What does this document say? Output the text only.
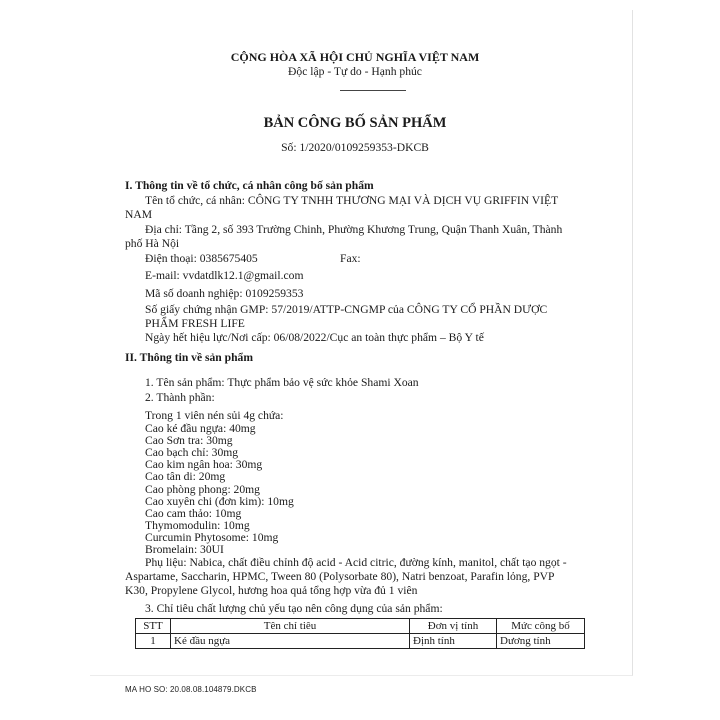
CỘNG HÒA XÃ HỘI CHỦ NGHĨA VIỆT NAM
Độc lập - Tự do - Hạnh phúc
BẢN CÔNG BỐ SẢN PHẨM
Số: 1/2020/0109259353-DKCB
I. Thông tin về tổ chức, cá nhân công bố sản phẩm
Tên tổ chức, cá nhân: CÔNG TY TNHH THƯƠNG MẠI VÀ DỊCH VỤ GRIFFIN VIỆT
NAM
Địa chỉ: Tầng 2, số 393 Trường Chinh, Phường Khương Trung, Quận Thanh Xuân, Thành
phố Hà Nội
Điện thoại: 0385675405	Fax:
E-mail: vvdatdlk12.1@gmail.com
Mã số doanh nghiệp: 0109259353
Số giấy chứng nhận GMP: 57/2019/ATTP-CNGMP của CÔNG TY CỔ PHẦN DƯỢC
PHẨM FRESH LIFE
Ngày hết hiệu lực/Nơi cấp: 06/08/2022/Cục an toàn thực phẩm – Bộ Y tế
II. Thông tin về sản phẩm
1. Tên sản phẩm: Thực phẩm bảo vệ sức khỏe Shami Xoan
2. Thành phần:
Trong 1 viên nén sủi 4g chứa:
Cao ké đầu ngựa: 40mg
Cao Sơn tra: 30mg
Cao bạch chỉ: 30mg
Cao kim ngân hoa: 30mg
Cao tân di: 20mg
Cao phòng phong: 20mg
Cao xuyên chi (đơn kim): 10mg
Cao cam thảo: 10mg
Thymomodulin: 10mg
Curcumin Phytosome: 10mg
Bromelain: 30UI
Phụ liệu: Nabica, chất điều chỉnh độ acid - Acid citric, đường kính, manitol, chất tạo ngọt -
Aspartame, Saccharin, HPMC, Tween 80 (Polysorbate 80), Natri benzoat, Parafin lỏng, PVP
K30, Propylene Glycol, hương hoa quả tổng hợp vừa đủ 1 viên
3. Chỉ tiêu chất lượng chủ yếu tạo nên công dụng của sản phẩm:
STT	Tên chỉ tiêu	Đơn vị tính	Mức công bố
1	Ké đầu ngựa	Định tính	Dương tính
MA HO SO: 20.08.08.104879.DKCB
